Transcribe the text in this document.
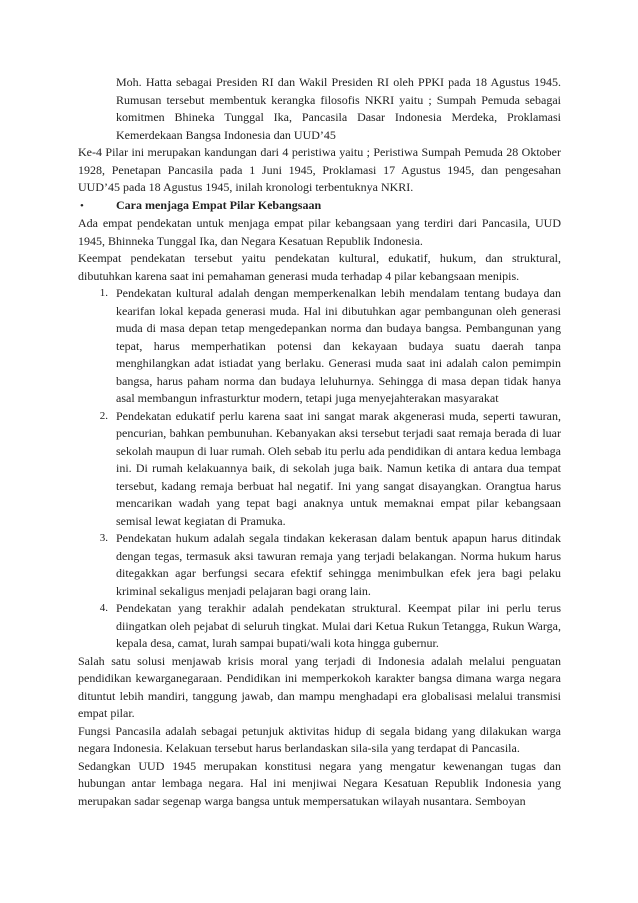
Moh. Hatta sebagai Presiden RI dan Wakil Presiden RI oleh PPKI pada 18 Agustus 1945. Rumusan tersebut membentuk kerangka filosofis NKRI yaitu ; Sumpah Pemuda sebagai komitmen Bhineka Tunggal Ika, Pancasila Dasar Indonesia Merdeka, Proklamasi Kemerdekaan Bangsa Indonesia dan UUD’45

Ke-4 Pilar ini merupakan kandungan dari 4 peristiwa yaitu ; Peristiwa Sumpah Pemuda 28 Oktober 1928, Penetapan Pancasila pada 1 Juni 1945, Proklamasi 17 Agustus 1945, dan pengesahan UUD’45 pada 18 Agustus 1945, inilah kronologi terbentuknya NKRI.

•	Cara menjaga Empat Pilar Kebangsaan

Ada empat pendekatan untuk menjaga empat pilar kebangsaan yang terdiri dari Pancasila, UUD 1945, Bhinneka Tunggal Ika, dan Negara Kesatuan Republik Indonesia.

Keempat pendekatan tersebut yaitu pendekatan kultural, edukatif, hukum, dan struktural, dibutuhkan karena saat ini pemahaman generasi muda terhadap 4 pilar kebangsaan menipis.

1. Pendekatan kultural adalah dengan memperkenalkan lebih mendalam tentang budaya dan kearifan lokal kepada generasi muda. Hal ini dibutuhkan agar pembangunan oleh generasi muda di masa depan tetap mengedepankan norma dan budaya bangsa. Pembangunan yang tepat, harus memperhatikan potensi dan kekayaan budaya suatu daerah tanpa menghilangkan adat istiadat yang berlaku. Generasi muda saat ini adalah calon pemimpin bangsa, harus paham norma dan budaya leluhurnya. Sehingga di masa depan tidak hanya asal membangun infrasturktur modern, tetapi juga menyejahterakan masyarakat
2. Pendekatan edukatif perlu karena saat ini sangat marak akgenerasi muda, seperti tawuran, pencurian, bahkan pembunuhan. Kebanyakan aksi tersebut terjadi saat remaja berada di luar sekolah maupun di luar rumah. Oleh sebab itu perlu ada pendidikan di antara kedua lembaga ini. Di rumah kelakuannya baik, di sekolah juga baik. Namun ketika di antara dua tempat tersebut, kadang remaja berbuat hal negatif. Ini yang sangat disayangkan. Orangtua harus mencarikan wadah yang tepat bagi anaknya untuk memaknai empat pilar kebangsaan semisal lewat kegiatan di Pramuka.
3. Pendekatan hukum adalah segala tindakan kekerasan dalam bentuk apapun harus ditindak dengan tegas, termasuk aksi tawuran remaja yang terjadi belakangan. Norma hukum harus ditegakkan agar berfungsi secara efektif sehingga menimbulkan efek jera bagi pelaku kriminal sekaligus menjadi pelajaran bagi orang lain.
4. Pendekatan yang terakhir adalah pendekatan struktural. Keempat pilar ini perlu terus diingatkan oleh pejabat di seluruh tingkat. Mulai dari Ketua Rukun Tetangga, Rukun Warga, kepala desa, camat, lurah sampai bupati/wali kota hingga gubernur.

Salah satu solusi menjawab krisis moral yang terjadi di Indonesia adalah melalui penguatan pendidikan kewarganegaraan. Pendidikan ini memperkokoh karakter bangsa dimana warga negara dituntut lebih mandiri, tanggung jawab, dan mampu menghadapi era globalisasi melalui transmisi empat pilar.

Fungsi Pancasila adalah sebagai petunjuk aktivitas hidup di segala bidang yang dilakukan warga negara Indonesia. Kelakuan tersebut harus berlandaskan sila-sila yang terdapat di Pancasila.

Sedangkan UUD 1945 merupakan konstitusi negara yang mengatur kewenangan tugas dan hubungan antar lembaga negara. Hal ini menjiwai Negara Kesatuan Republik Indonesia yang merupakan sadar segenap warga bangsa untuk mempersatukan wilayah nusantara. Semboyan
